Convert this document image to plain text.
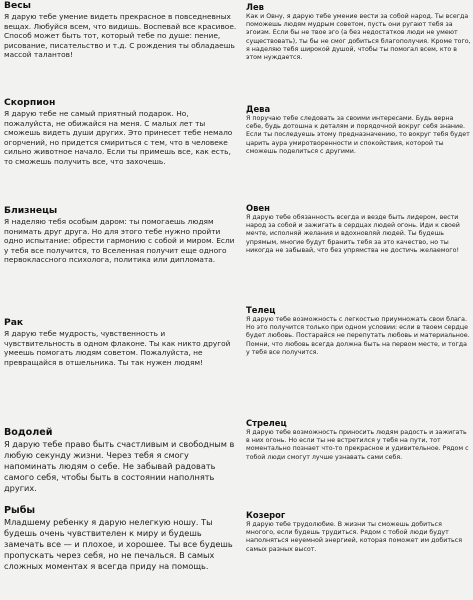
Весы

Я дарую тебе умение видеть прекрасное в повседневных вещах. Любуйся всем, что видишь. Воспевай все красивое. Способ может быть тот, который тебе по душе: пение, рисование, писательство и т.д. С рождения ты обладаешь массой талантов!

Скорпион

Я дарую тебе не самый приятный подарок. Но, пожалуйста, не обижайся на меня. С малых лет ты сможешь видеть души других. Это принесет тебе немало огорчений, но придется смириться с тем, что в человеке сильно животное начало. Если ты примешь все, как есть, то сможешь получить все, что захочешь.

Близнецы

Я наделяю тебя особым даром: ты помогаешь людям понимать друг друга. Но для этого тебе нужно пройти одно испытание: обрести гармонию с собой и миром. Если у тебя все получится, то Вселенная получит еще одного первоклассного психолога, политика или дипломата.

Рак

Я дарую тебе мудрость, чувственность и чувствительность в одном флаконе. Ты как никто другой умеешь помогать людям советом. Пожалуйста, не превращайся в отшельника. Ты так нужен людям!

Водолей

Я дарую тебе право быть счастливым и свободным в любую секунду жизни. Через тебя я смогу напоминать людям о себе. Не забывай радовать самого себя, чтобы быть в состоянии наполнять других.

Рыбы

Младшему ребенку я дарую нелегкую ношу. Ты будешь очень чувствителен к миру и будешь замечать все — и плохое, и хорошее. Ты все будешь пропускать через себя, но не печалься. В самых сложных моментах я всегда приду на помощь.

Лев

Как и Овну, я дарую тебе умение вести за собой народ. Ты всегда поможешь людям мудрым советом, пусть они ругают тебя за эгоизм. Если бы не твое эго (а без недостатков люди не умеют существовать), ты бы не смог добиться благополучия. Кроме того, я наделяю тебя широкой душой, чтобы ты помогал всем, кто в этом нуждается.

Дева

Я поручаю тебе следовать за своими интересами. Будь верна себе, будь дотошна к деталям и порядочной вокруг себя знание. Если ты последуешь этому предназначению, то вокруг тебя будет царить аура умиротворенности и спокойствия, которой ты сможешь поделиться с другими.

Овен

Я дарую тебе обязанность всегда и везде быть лидером, вести народ за собой и зажигать в сердцах людей огонь. Иди к своей мечте, исполняй желания и вдохновляй людей. Ты будешь упрямым, многие будут бранить тебя за это качество, но ты никогда не забывай, что без упрямства не достичь желаемого!

Телец

Я дарую тебе возможность с легкостью приумножать свои блага. Но это получится только при одном условии: если в твоем сердце будет любовь. Постарайся не перепутать любовь и материальное. Помни, что любовь всегда должна быть на первом месте, и тогда у тебя все получится.

Стрелец

Я дарую тебе возможность приносить людям радость и зажигать в них огонь. Но если ты не встретился у тебя на пути, тот моментально познает что-то прекрасное и удивительное. Рядом с тобой люди смогут лучше узнавать сами себя.

Козерог

Я дарую тебе трудолюбие. В жизни ты сможешь добиться многого, если будешь трудиться. Рядом с тобой люди будут наполняться неуемной энергией, которая поможет им добиться самых разных высот.
